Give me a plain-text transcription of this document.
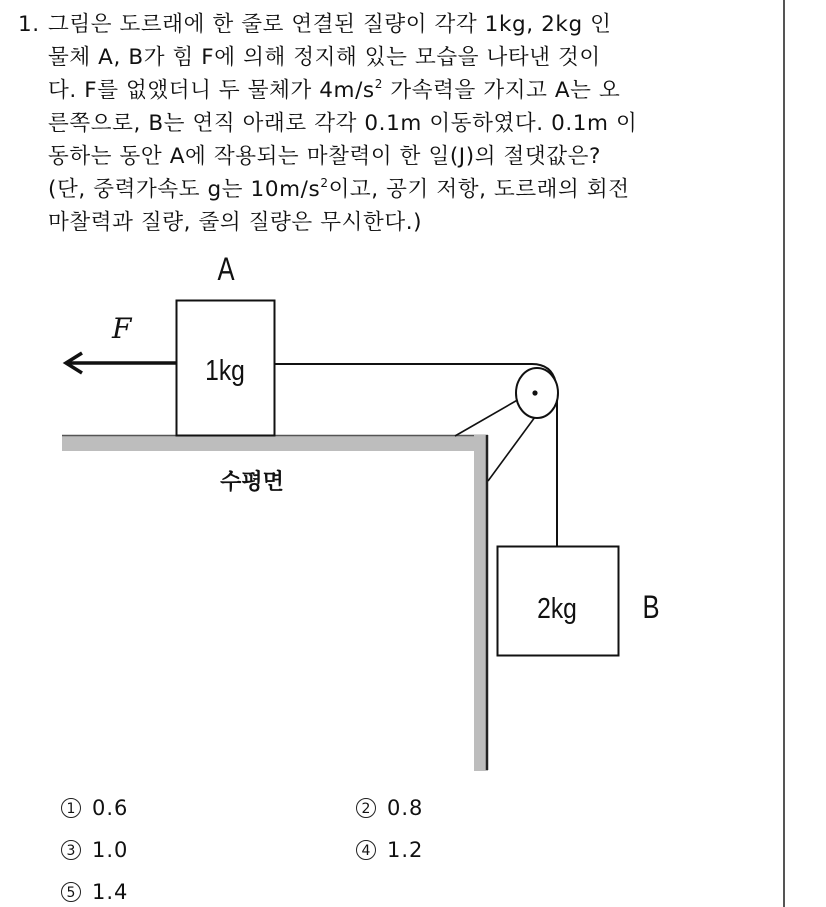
1. 그림은 도르래에 한 줄로 연결된 질량이 각각 1kg, 2kg 인
물체 A, B가 힘 F에 의해 정지해 있는 모습을 나타낸 것이
다. F를 없앴더니 두 물체가 $4m/s^2$ 가속력을 가지고 A는 오
른쪽으로, B는 연직 아래로 각각 0.1m 이동하였다. 0.1m 이
동하는 동안 A에 작용되는 마찰력이 한 일(J)의 절댓값은?
(단, 중력가속도 g는 $10m/s^2$이고, 공기 저항, 도르래의 회전
마찰력과 질량, 줄의 질량은 무시한다.)
F
1kg
A
수평면
2kg B
1 0.6	2 0.8
3 1.0	4 1.2
5 1.4
